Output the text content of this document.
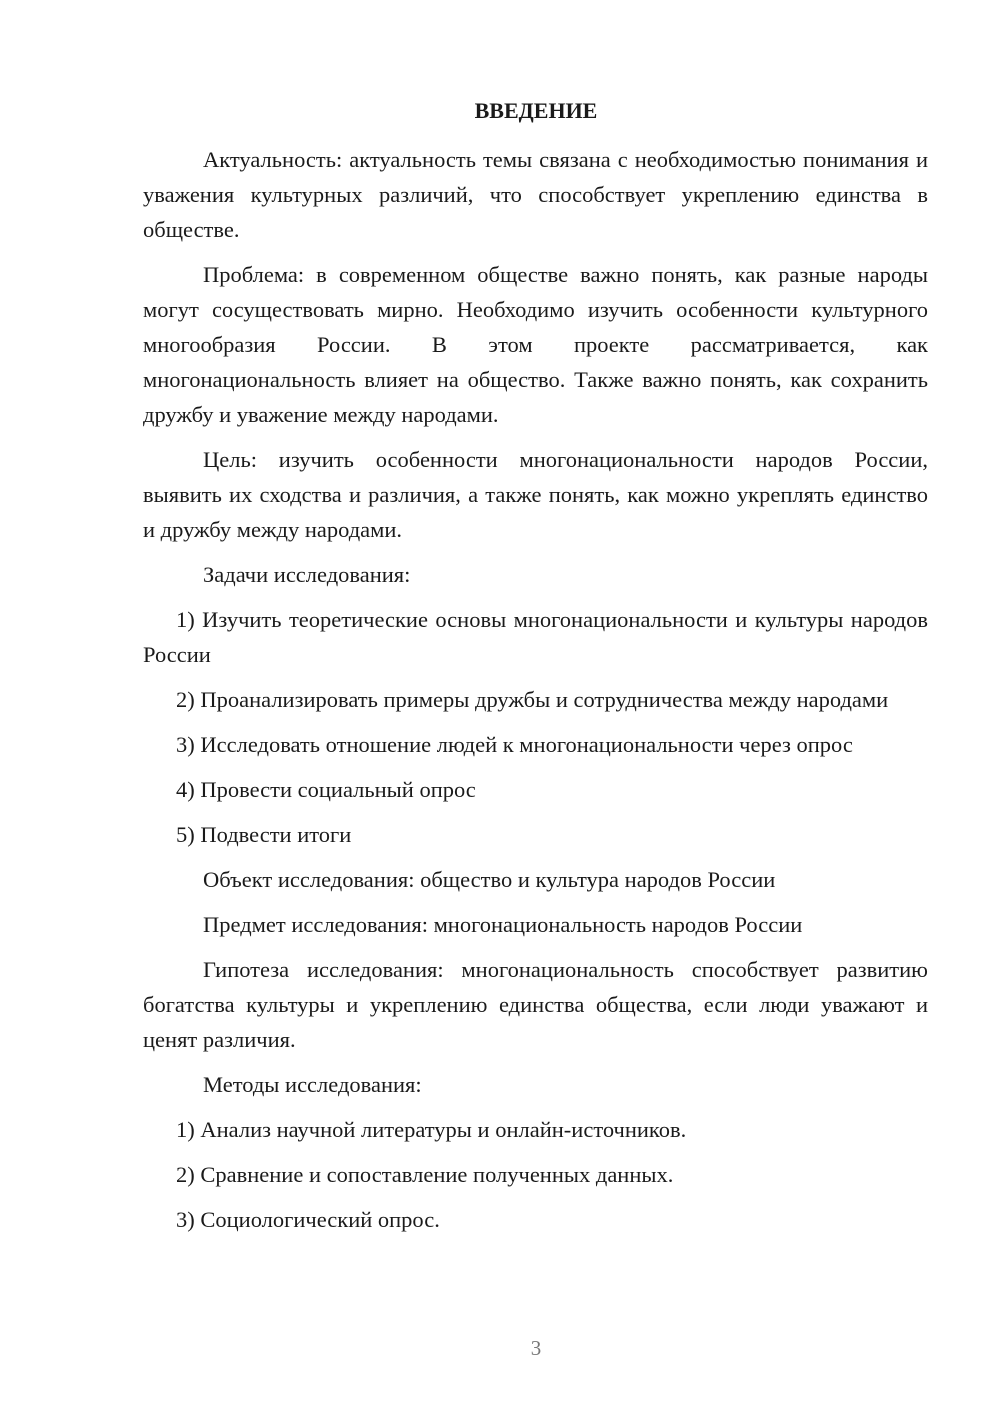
ВВЕДЕНИЕ

Актуальность: актуальность темы связана с необходимостью понимания и уважения культурных различий, что способствует укреплению единства в обществе.

Проблема: в современном обществе важно понять, как разные народы могут сосуществовать мирно. Необходимо изучить особенности культурного многообразия России. В этом проекте рассматривается, как многонациональность влияет на общество. Также важно понять, как сохранить дружбу и уважение между народами.

Цель: изучить особенности многонациональности народов России, выявить их сходства и различия, а также понять, как можно укреплять единство и дружбу между народами.

Задачи исследования:

1) Изучить теоретические основы многонациональности и культуры народов России

2) Проанализировать примеры дружбы и сотрудничества между народами

3) Исследовать отношение людей к многонациональности через опрос

4) Провести социальный опрос

5) Подвести итоги

Объект исследования: общество и культура народов России

Предмет исследования: многонациональность народов России

Гипотеза исследования: многонациональность способствует развитию богатства культуры и укреплению единства общества, если люди уважают и ценят различия.

Методы исследования:

1) Анализ научной литературы и онлайн-источников.

2) Сравнение и сопоставление полученных данных.

3) Социологический опрос.

3
